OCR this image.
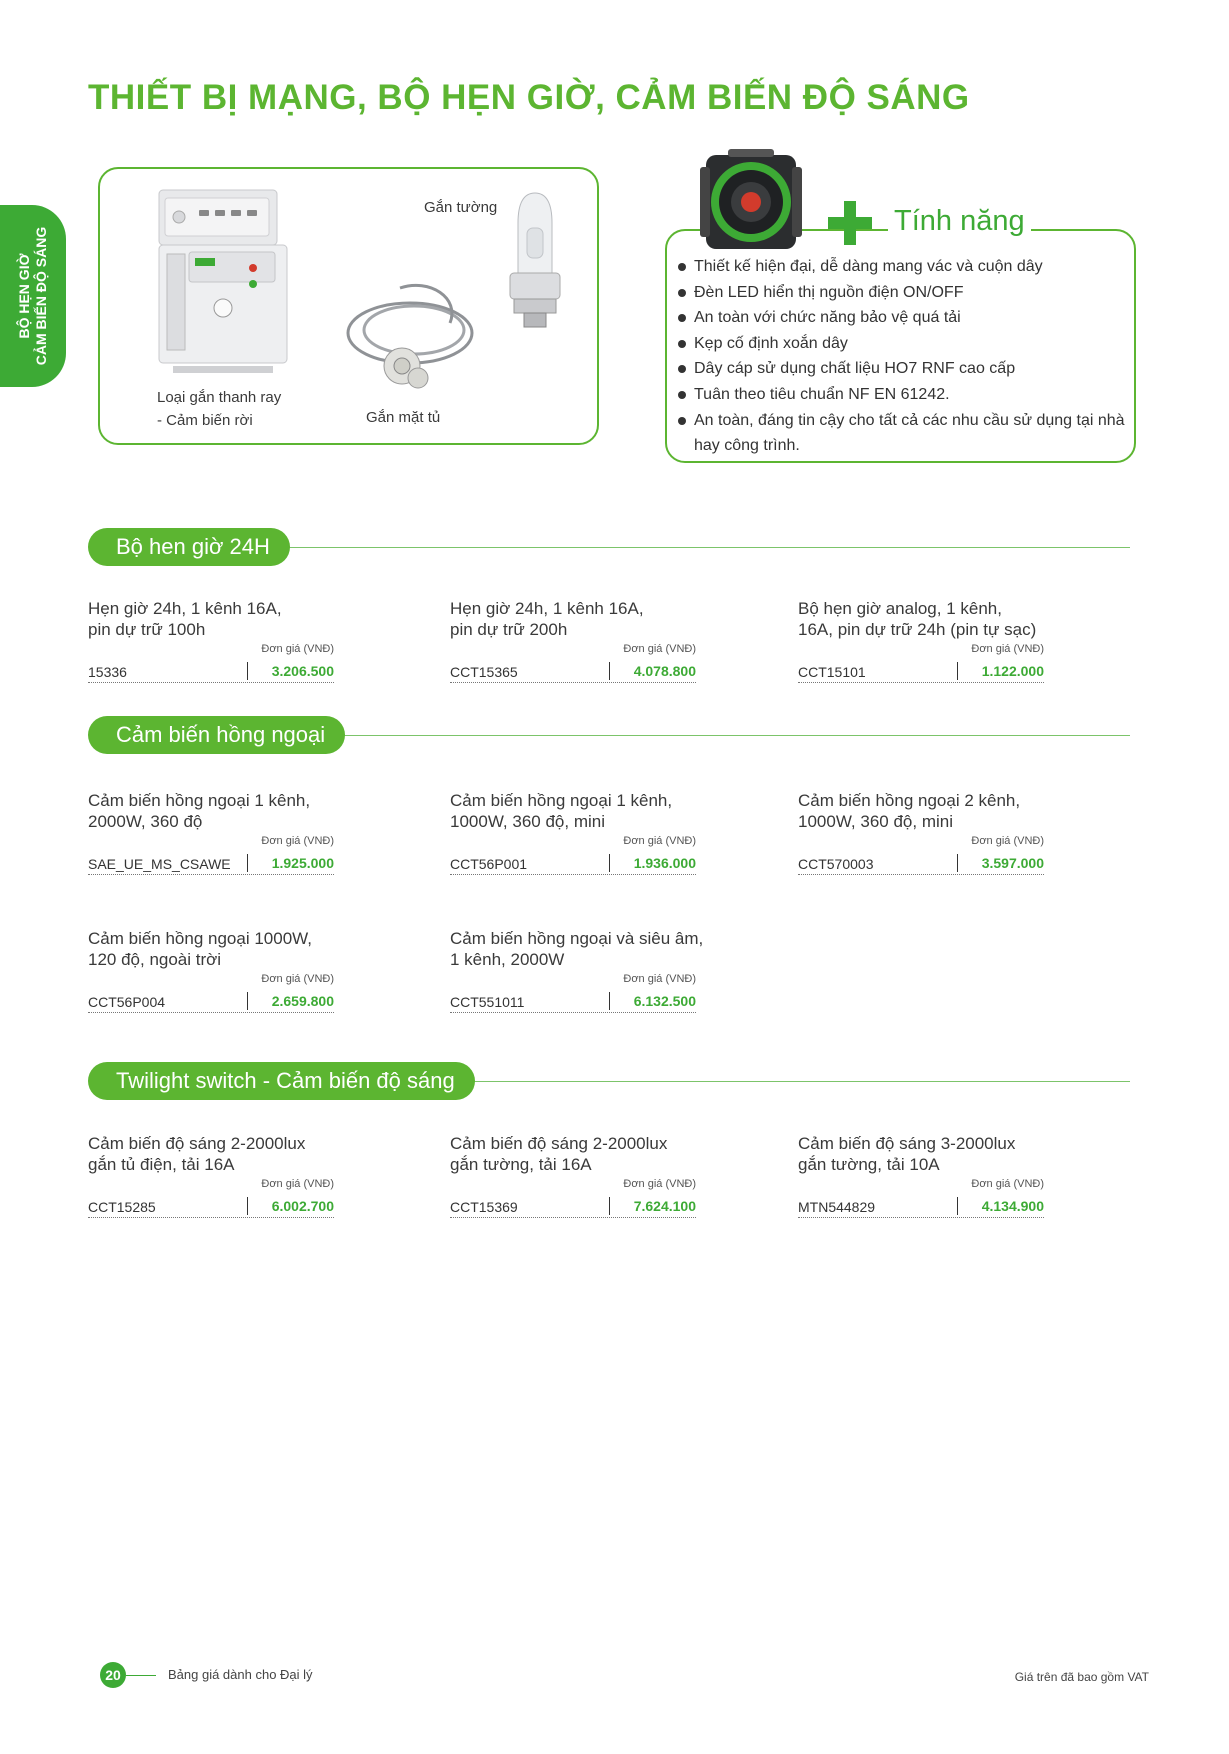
THIẾT BỊ MẠNG, BỘ HẸN GIỜ, CẢM BIẾN ĐỘ SÁNG
BỘ HẸN GIỜ CẢM BIẾN ĐỘ SÁNG
Loại gắn thanh ray
- Cảm biến rời	Gắn mặt tủ
Gắn tường	Tính năng
Thiết kế hiện đại, dễ dàng mang vác và cuộn dây
Đèn LED hiển thị nguồn điện ON/OFF
An toàn với chức năng bảo vệ quá tải
Kẹp cố định xoắn dây
Dây cáp sử dụng chất liệu HO7 RNF cao cấp
Tuân theo tiêu chuẩn NF EN 61242.
An toàn, đáng tin cậy cho tất cả các nhu cầu sử dụng tại nhà hay công trình.
Bộ hen giờ 24H
Hẹn giờ 24h, 1 kênh 16A,
pin dự trữ 100h
Đơn giá (VNĐ)
15336	3.206.500
Hẹn giờ 24h, 1 kênh 16A,
pin dự trữ 200h
Đơn giá (VNĐ)
CCT15365	4.078.800
Bộ hẹn giờ analog, 1 kênh,
16A, pin dự trữ 24h (pin tự sạc)
Đơn giá (VNĐ)
CCT15101	1.122.000
Cảm biến hồng ngoại
Cảm biến hồng ngoại 1 kênh,
2000W, 360 độ
Đơn giá (VNĐ)
SAE_UE_MS_CSAWE	1.925.000
Cảm biến hồng ngoại 1 kênh,
1000W, 360 độ, mini
Đơn giá (VNĐ)
CCT56P001	1.936.000
Cảm biến hồng ngoại 2 kênh,
1000W, 360 độ, mini
Đơn giá (VNĐ)
CCT570003	3.597.000
Cảm biến hồng ngoại 1000W,
120 độ, ngoài trời
Đơn giá (VNĐ)
CCT56P004	2.659.800
Cảm biến hồng ngoại và siêu âm,
1 kênh, 2000W
Đơn giá (VNĐ)
CCT551011	6.132.500
Twilight switch - Cảm biến độ sáng
Cảm biến độ sáng 2-2000lux
gắn tủ điện, tải 16A
Đơn giá (VNĐ)
CCT15285	6.002.700
Cảm biến độ sáng 2-2000lux
gắn tường, tải 16A
Đơn giá (VNĐ)
CCT15369	7.624.100
Cảm biến độ sáng 3-2000lux
gắn tường, tải 10A
Đơn giá (VNĐ)
MTN544829	4.134.900
20	Bảng giá dành cho Đại lý	Giá trên đã bao gồm VAT
